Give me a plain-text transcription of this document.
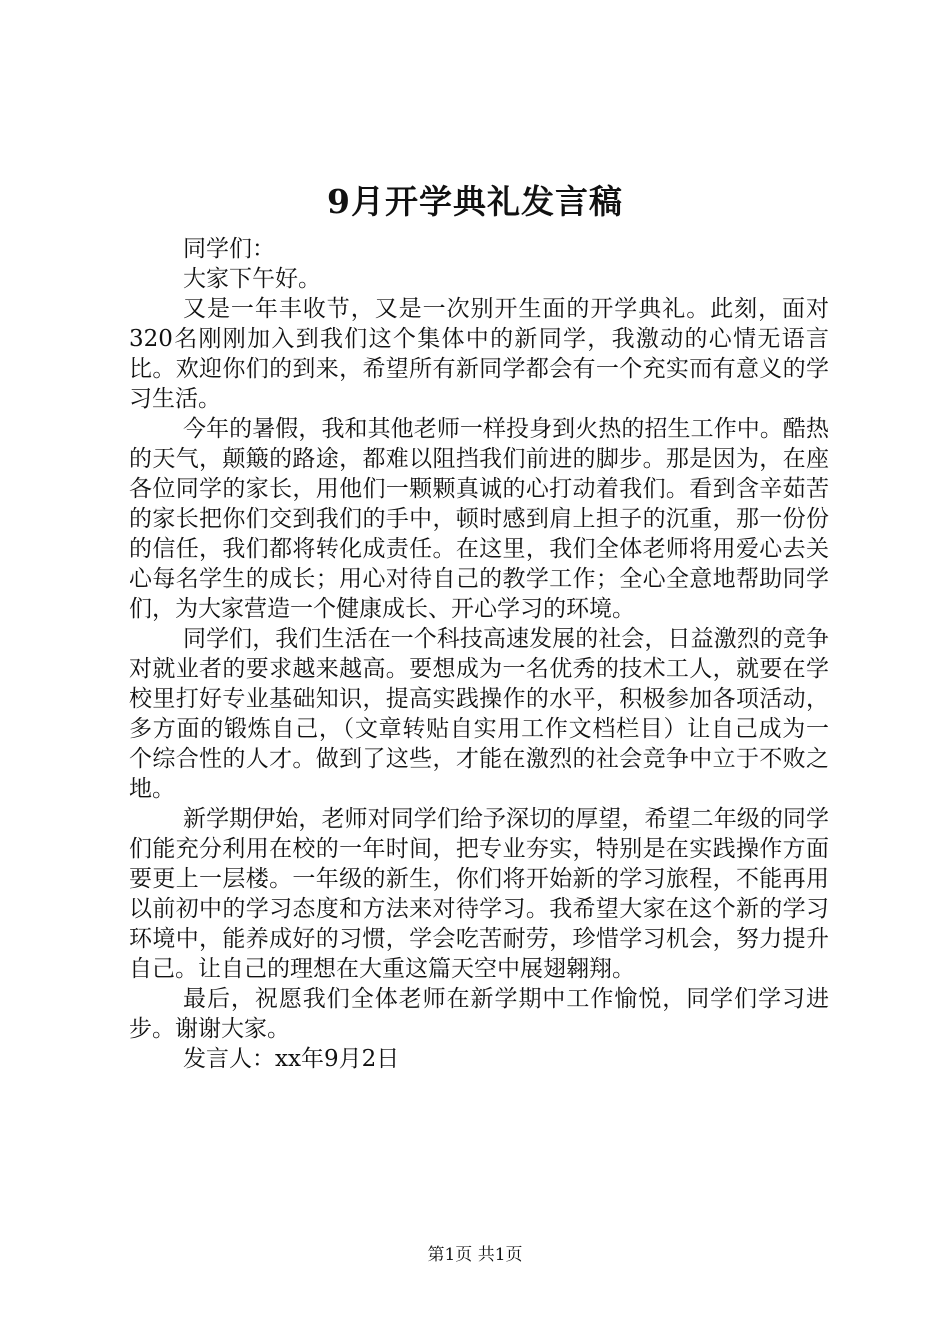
9月开学典礼发言稿

同学们：

大家下午好。

又是一年丰收节，又是一次别开生面的开学典礼。此刻，面对320名刚刚加入到我们这个集体中的新同学，我激动的心情无语言比。欢迎你们的到来，希望所有新同学都会有一个充实而有意义的学习生活。

今年的暑假，我和其他老师一样投身到火热的招生工作中。酷热的天气，颠簸的路途，都难以阻挡我们前进的脚步。那是因为，在座各位同学的家长，用他们一颗颗真诚的心打动着我们。看到含辛茹苦的家长把你们交到我们的手中，顿时感到肩上担子的沉重，那一份份的信任，我们都将转化成责任。在这里，我们全体老师将用爱心去关心每名学生的成长；用心对待自己的教学工作；全心全意地帮助同学们，为大家营造一个健康成长、开心学习的环境。

同学们，我们生活在一个科技高速发展的社会，日益激烈的竞争对就业者的要求越来越高。要想成为一名优秀的技术工人，就要在学校里打好专业基础知识，提高实践操作的水平，积极参加各项活动，多方面的锻炼自己，（文章转贴自实用工作文档栏目）让自己成为一个综合性的人才。做到了这些，才能在激烈的社会竞争中立于不败之地。

新学期伊始，老师对同学们给予深切的厚望，希望二年级的同学们能充分利用在校的一年时间，把专业夯实，特别是在实践操作方面要更上一层楼。一年级的新生，你们将开始新的学习旅程，不能再用以前初中的学习态度和方法来对待学习。我希望大家在这个新的学习环境中，能养成好的习惯，学会吃苦耐劳，珍惜学习机会，努力提升自己。让自己的理想在大重这篇天空中展翅翱翔。

最后，祝愿我们全体老师在新学期中工作愉悦，同学们学习进步。谢谢大家。

发言人：xx年9月2日

第1页 共1页
